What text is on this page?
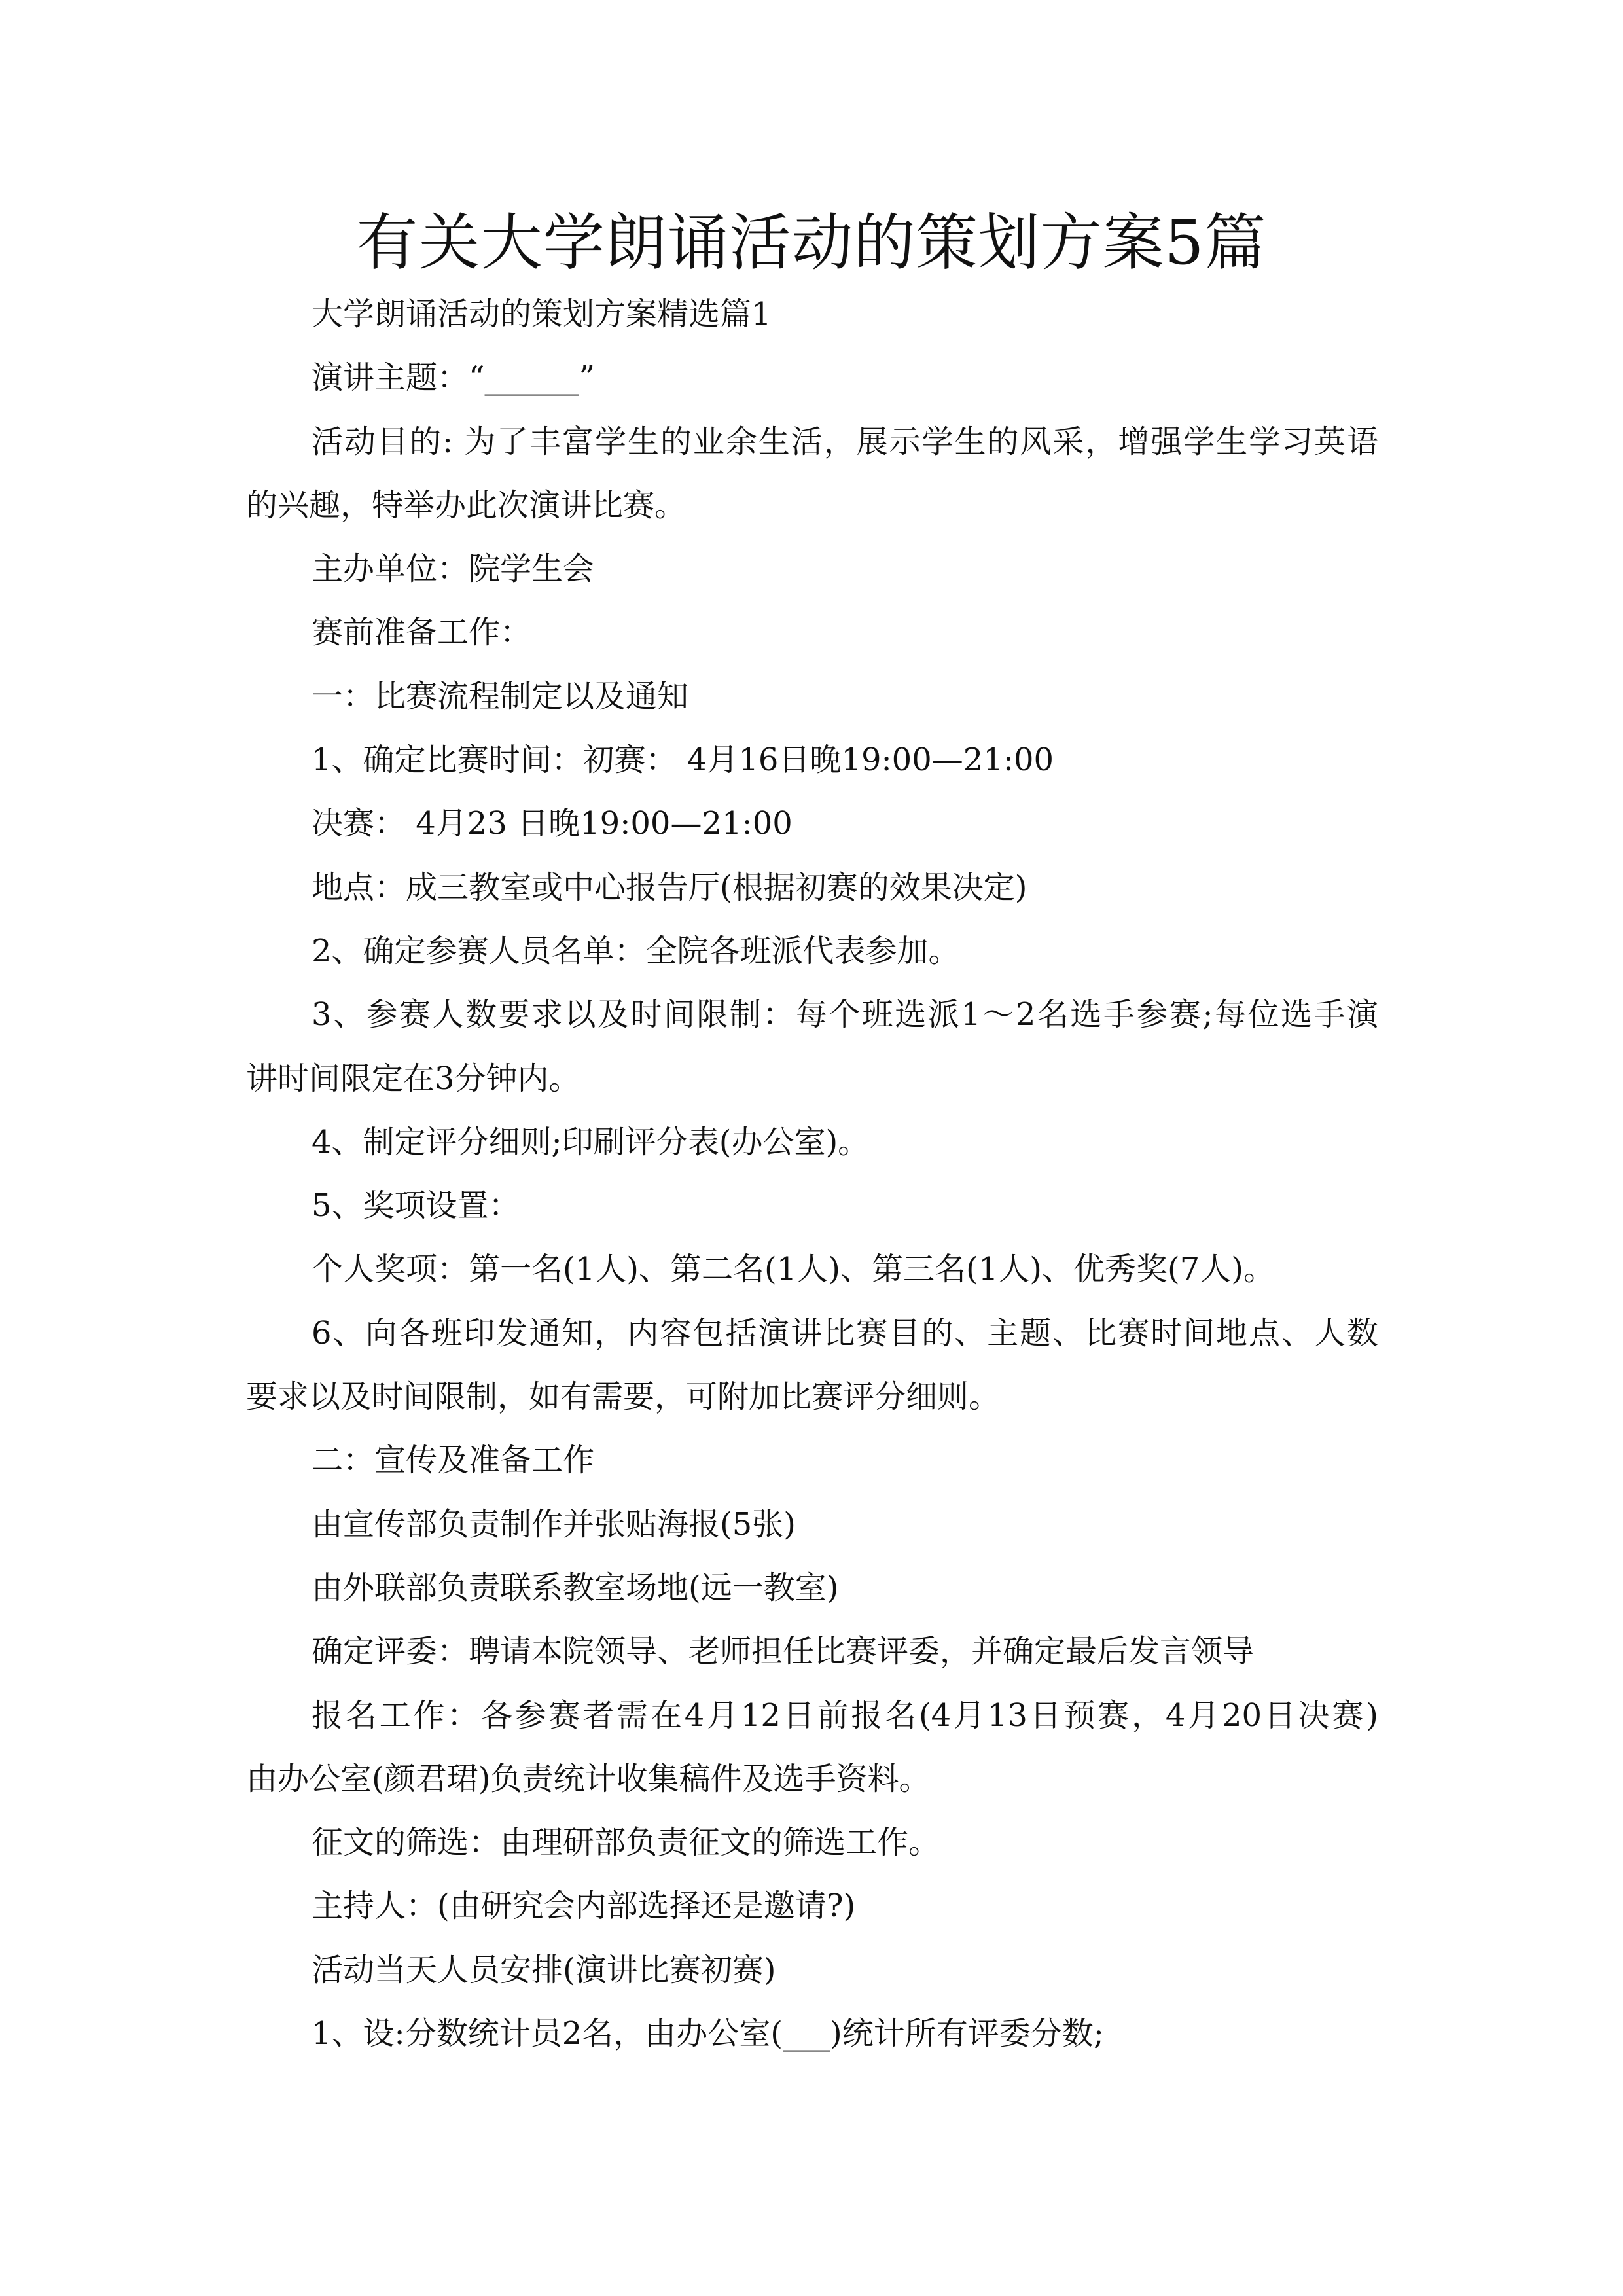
有关大学朗诵活动的策划方案5篇
大学朗诵活动的策划方案精选篇1
演讲主题：“______”
活动目的: 为了丰富学生的业余生活，展示学生的风采，增强学生学习英语
的兴趣，特举办此次演讲比赛。
主办单位：院学生会
赛前准备工作：
一：比赛流程制定以及通知
1、确定比赛时间：初赛： 4月16日晚19:00—21:00
决赛： 4月23 日晚19:00—21:00
地点：成三教室或中心报告厅(根据初赛的效果决定)
2、确定参赛人员名单：全院各班派代表参加。
3、参赛人数要求以及时间限制：每个班选派1～2名选手参赛;每位选手演
讲时间限定在3分钟内。
4、制定评分细则;印刷评分表(办公室)。
5、奖项设置：
个人奖项：第一名(1人)、第二名(1人)、第三名(1人)、优秀奖(7人)。
6、向各班印发通知，内容包括演讲比赛目的、主题、比赛时间地点、人数
要求以及时间限制，如有需要，可附加比赛评分细则。
二：宣传及准备工作
由宣传部负责制作并张贴海报(5张)
由外联部负责联系教室场地(远一教室)
确定评委：聘请本院领导、老师担任比赛评委，并确定最后发言领导
报名工作：各参赛者需在4月12日前报名(4月13日预赛，4月20日决赛)
由办公室(颜君珺)负责统计收集稿件及选手资料。
征文的筛选：由理研部负责征文的筛选工作。
主持人：(由研究会内部选择还是邀请?)
活动当天人员安排(演讲比赛初赛)
1、设:分数统计员2名，由办公室(___)统计所有评委分数;
